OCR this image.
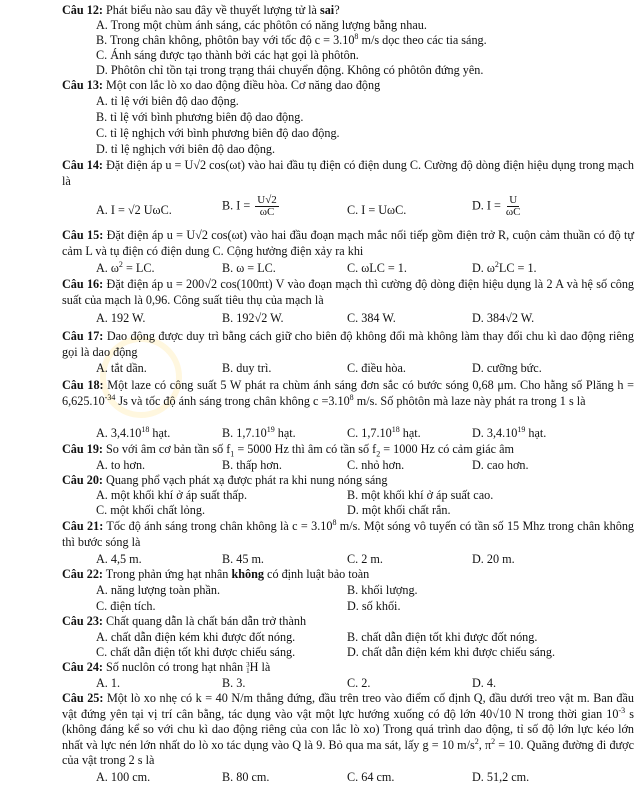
Câu 12: Phát biểu nào sau đây về thuyết lượng tử là sai?
A. Trong một chùm ánh sáng, các phôtôn có năng lượng bằng nhau.
B. Trong chân không, phôtôn bay với tốc độ $c = 3.10^8$ m/s dọc theo các tia sáng.
C. Ánh sáng được tạo thành bởi các hạt gọi là phôtôn.
D. Phôtôn chỉ tồn tại trong trạng thái chuyển động. Không có phôtôn đứng yên.
Câu 13: Một con lắc lò xo dao động điều hòa. Cơ năng dao động
A. tỉ lệ với biên độ dao động.
B. tỉ lệ với bình phương biên độ dao động.
C. tỉ lệ nghịch với bình phương biên độ dao động.
D. tỉ lệ nghịch với biên độ dao động.
Câu 14: Đặt điện áp u = U√2 cos(ωt) vào hai đầu tụ điện có điện dung C. Cường độ dòng điện hiệu dụng trong mạch là
A. I = √2 UωC.	B. $I = \frac{U√2}{\omega C}$	C. I = UωC.	D. $I = \frac{U}{\omega C}$
Câu 15: Đặt điện áp u = U√2 cos(ωt) vào hai đầu đoạn mạch mắc nối tiếp gồm điện trở R, cuộn cảm thuần có độ tự cảm L và tụ điện có điện dung C. Cộng hưởng điện xảy ra khi
A. $\omega^2$ = LC.	B. ω = LC.	C. ωLC = 1.	D. $\omega^2LC = 1$.
Câu 16: Đặt điện áp u = 200√2 cos(100πt) V vào đoạn mạch thì cường độ dòng điện hiệu dụng là 2 A và hệ số công suất của mạch là 0,96. Công suất tiêu thụ của mạch là
A. 192 W.	B. 192√2 W.	C. 384 W.	D. 384√2 W.
Câu 17: Dao động được duy trì bằng cách giữ cho biên độ không đổi mà không làm thay đổi chu kì dao động riêng gọi là dao động
A. tắt dần.	B. duy trì.	C. điều hòa.	D. cưỡng bức.
Câu 18: Một laze có công suất 5 W phát ra chùm ánh sáng đơn sắc có bước sóng 0,68 μm. Cho hằng số Plăng $h = 6,625.10^{-34}$ Js và tốc độ ánh sáng trong chân không $c =3.10^8$ m/s. Số phôtôn mà laze này phát ra trong 1 s là
A. 3,4.10$^{18}$ hạt.	B. 1,7.10$^{19}$ hạt.	C. 1,7.10$^{18}$ hạt.	D. 3,4.10$^{19}$ hạt.
Câu 19: So với âm cơ bản tần số $f_1 = 5000$ Hz thì âm có tần số $f_2 = 1000$ Hz có cảm giác âm
A. to hơn.	B. thấp hơn.	C. nhỏ hơn.	D. cao hơn.
Câu 20: Quang phổ vạch phát xạ được phát ra khi nung nóng sáng
A. một khối khí ở áp suất thấp.	B. một khối khí ở áp suất cao.
C. một khối chất lỏng.	D. một khối chất rắn.
Câu 21: Tốc độ ánh sáng trong chân không là $c = 3.10^8$ m/s. Một sóng vô tuyến có tần số 15 Mhz trong chân không thì bước sóng là
A. 4,5 m.	B. 45 m.	C. 2 m.	D. 20 m.
Câu 22: Trong phản ứng hạt nhân không có định luật bảo toàn
A. năng lượng toàn phần.	B. khối lượng.
C. điện tích.	D. số khối.
Câu 23: Chất quang dẫn là chất bán dẫn trở thành
A. chất dẫn điện kém khi được đốt nóng.	B. chất dẫn điện tốt khi được đốt nóng.
C. chất dẫn điện tốt khi được chiếu sáng.	D. chất dẫn điện kém khi được chiếu sáng.
Câu 24: Số nuclôn có trong hạt nhân 3
1 H là
A. 1.	B. 3.	C. 2.	D. 4.
Câu 25: Một lò xo nhẹ có k = 40 N/m thẳng đứng, đầu trên treo vào điểm cố định Q, đầu dưới treo vật m. Ban đầu vật đứng yên tại vị trí cân bằng, tác dụng vào vật một lực hướng xuống có độ lớn 40√10 N trong thời gian $10^{-3}$ s (không đáng kể so với chu kì dao động riêng của con lắc lò xo) Trong quá trình dao động, tỉ số độ lớn lực kéo lớn nhất và lực nén lớn nhất do lò xo tác dụng vào Q là 9. Bỏ qua ma sát, lấy g = 10 $m/s^2$, $\pi^2 = 10$. Quãng đường đi được của vật trong 2 s là
A. 100 cm.	B. 80 cm.	C. 64 cm.	D. 51,2 cm.
